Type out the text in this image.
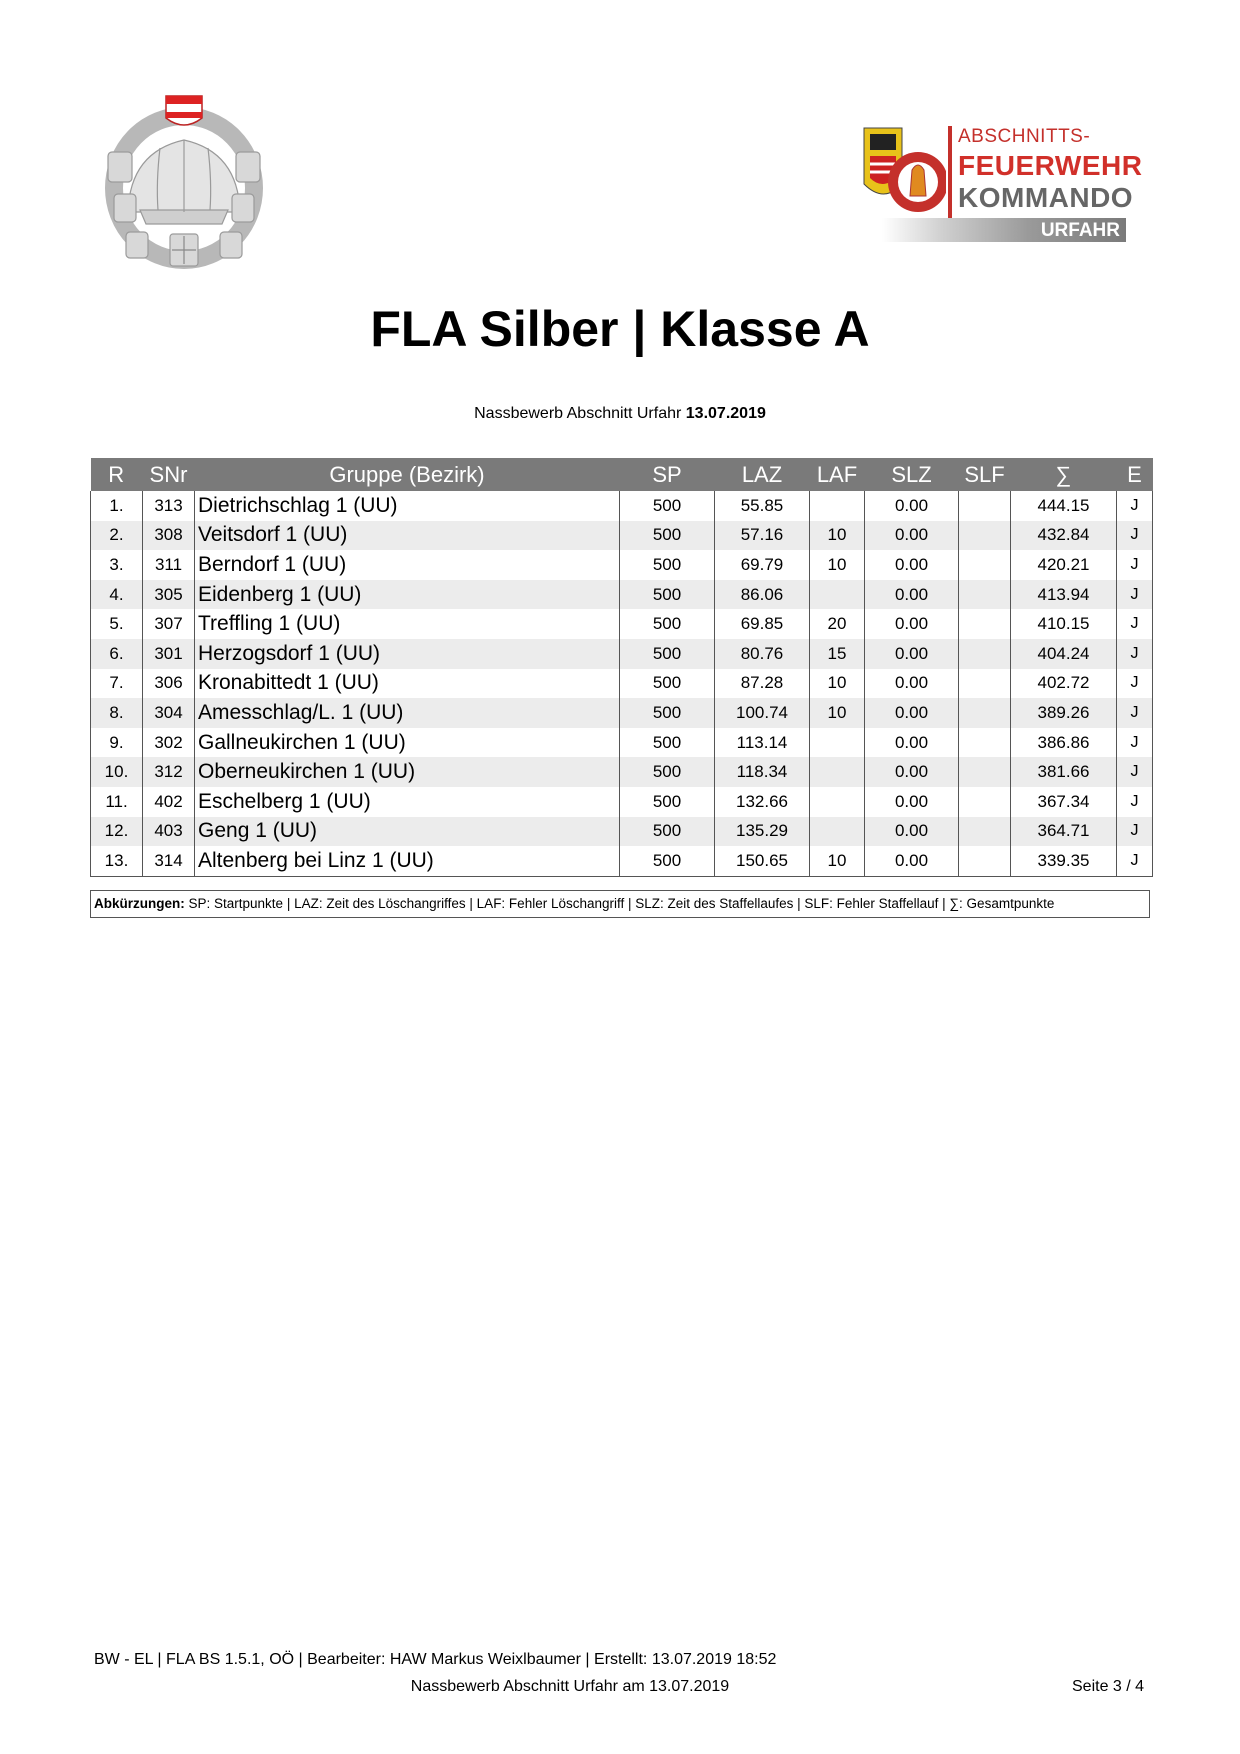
ABSCHNITTS-
FEUERWEHR
KOMMANDO
URFAHR
FLA Silber | Klasse A
Nassbewerb Abschnitt Urfahr 13.07.2019
R	SNr	Gruppe (Bezirk)	SP	LAZ	LAF	SLZ	SLF	∑	E
1.	313	Dietrichschlag 1 (UU)	500	55.85		0.00		444.15	J
2.	308	Veitsdorf 1 (UU)	500	57.16	10	0.00		432.84	J
3.	311	Berndorf 1 (UU)	500	69.79	10	0.00		420.21	J
4.	305	Eidenberg 1 (UU)	500	86.06		0.00		413.94	J
5.	307	Treffling 1 (UU)	500	69.85	20	0.00		410.15	J
6.	301	Herzogsdorf 1 (UU)	500	80.76	15	0.00		404.24	J
7.	306	Kronabittedt 1 (UU)	500	87.28	10	0.00		402.72	J
8.	304	Amesschlag/L. 1 (UU)	500	100.74	10	0.00		389.26	J
9.	302	Gallneukirchen 1 (UU)	500	113.14		0.00		386.86	J
10.	312	Oberneukirchen 1 (UU)	500	118.34		0.00		381.66	J
11.	402	Eschelberg 1 (UU)	500	132.66		0.00		367.34	J
12.	403	Geng 1 (UU)	500	135.29		0.00		364.71	J
13.	314	Altenberg bei Linz 1 (UU)	500	150.65	10	0.00		339.35	J
Abkürzungen: SP: Startpunkte | LAZ: Zeit des Löschangriffes | LAF: Fehler Löschangriff | SLZ: Zeit des Staffellaufes | SLF: Fehler Staffellauf | ∑: Gesamtpunkte
BW - EL | FLA BS 1.5.1, OÖ | Bearbeiter: HAW Markus Weixlbaumer | Erstellt: 13.07.2019 18:52
Nassbewerb Abschnitt Urfahr am 13.07.2019	Seite 3 / 4
